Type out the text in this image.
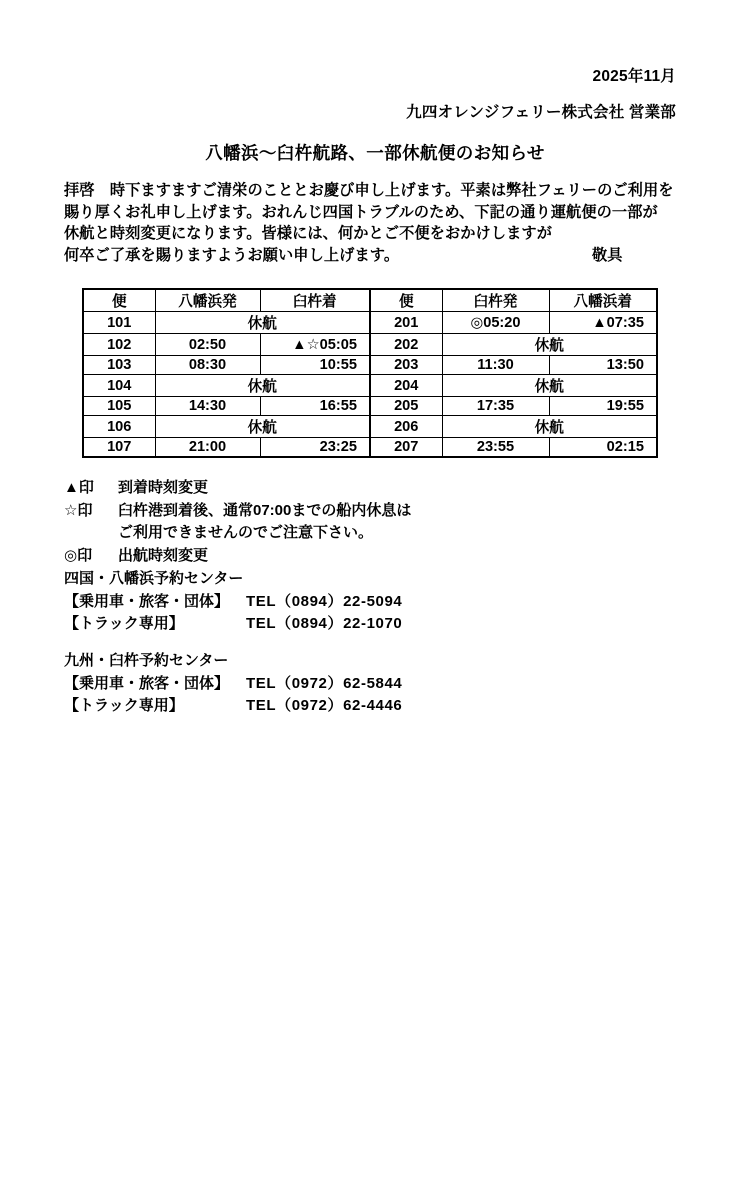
2025年11月
九四オレンジフェリー株式会社 営業部
八幡浜～臼杵航路、一部休航便のお知らせ
拝啓　時下ますますご清栄のこととお慶び申し上げます。平素は弊社フェリーのご利用を
賜り厚くお礼申し上げます。おれんじ四国トラブルのため、下記の通り運航便の一部が
休航と時刻変更になります。皆様には、何かとご不便をおかけしますが
何卒ご了承を賜りますようお願い申し上げます。	敬具
便	八幡浜発	臼杵着	便	臼杵発	八幡浜着
101	休航		201	◎05:20	▲07:35
102	02:50	▲☆05:05	202	休航	
103	08:30	10:55	203	11:30	13:50
104	休航		204	休航	
105	14:30	16:55	205	17:35	19:55
106	休航		206	休航	
107	21:00	23:25	207	23:55	02:15
▲印	到着時刻変更
☆印	臼杵港到着後、通常07:00までの船内休息は
ご利用できませんのでご注意下さい。
◎印	出航時刻変更
四国・八幡浜予約センター
【乗用車・旅客・団体】	TEL（0894）22-5094
【トラック専用】	TEL（0894）22-1070
九州・臼杵予約センター
【乗用車・旅客・団体】	TEL（0972）62-5844
【トラック専用】	TEL（0972）62-4446
